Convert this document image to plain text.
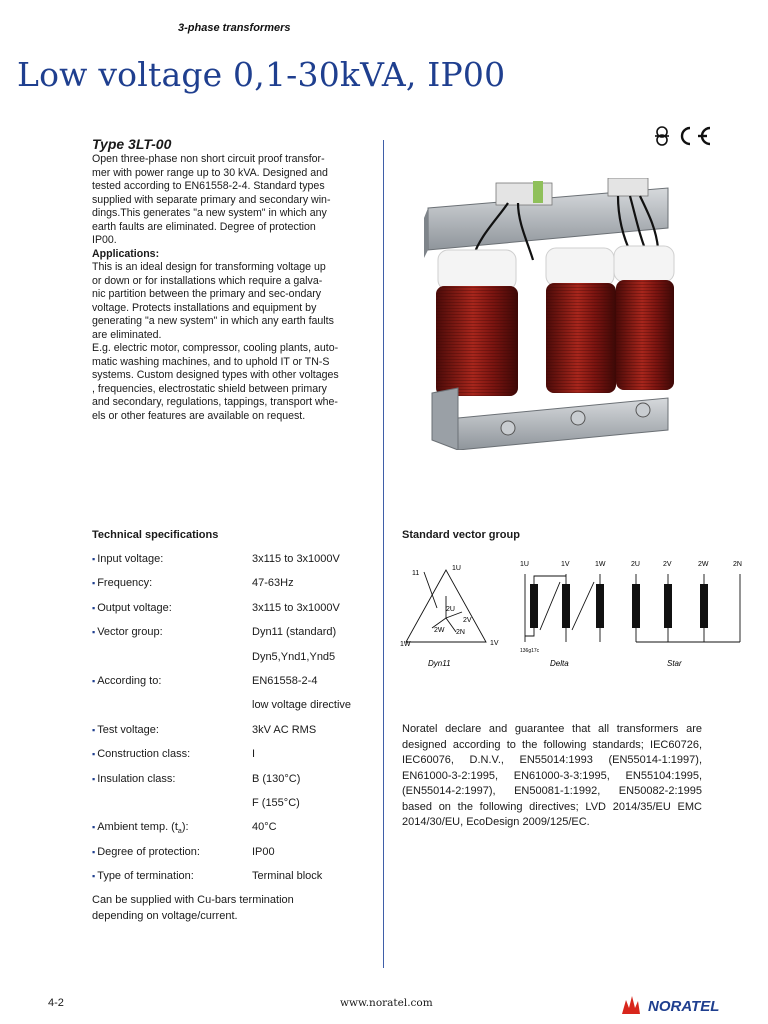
3-phase transformers
Low voltage 0,1-30kVA, IP00
Type 3LT-00

Open three-phase non short circuit proof transfor-

mer with power range up to 30 kVA. Designed and

tested according to EN61558-2-4. Standard types

supplied with separate primary and secondary win-

dings.This generates "a new system" in which any

earth faults are eliminated. Degree of protection

IP00.

Applications:

This is an ideal design for transforming voltage up

or down or for installations which require a galva-

nic partition between the primary and sec-ondary

voltage. Protects installations and equipment by

generating "a new system" in which any earth faults

are eliminated.

E.g. electric motor, compressor, cooling plants, auto-

matic washing machines, and to uphold IT or TN-S

systems. Custom designed types with other voltages

, frequencies, electrostatic shield between primary

and secondary, regulations, tappings, transport whe-

els or other features are available on request.

Technical specifications
▪ Input voltage:	3x115 to 3x1000V
▪ Frequency:	47-63Hz
▪ Output voltage:	3x115 to 3x1000V
▪ Vector group:	Dyn11 (standard)
Dyn5,Ynd1,Ynd5
▪ According to:	EN61558-2-4
low voltage directive
▪ Test voltage:	3kV AC RMS
▪ Construction class:	I
▪ Insulation class:	B (130°C)
F (155°C)
▪ Ambient temp. $(t_a)$:	40°C
▪ Degree of protection:	IP00
▪ Type of termination:	Terminal block
Can be supplied with Cu-bars termination depending on voltage/current.
Standard vector group
11
1U
1W	1V
2U
2V
2W 2N
1U	1V	1W	2U	2V	2W	2N
136g17c
Dyn11	Delta	Star
Noratel declare and guarantee that all transformers are designed according to the following standards; IEC60726, IEC60076, D.N.V., EN55014:1993 (EN55014-1:1997), EN61000-3-2:1995, EN61000-3-3:1995, EN55104:1995, (EN55014-2:1997), EN50081-1:1992, EN50082-2:1995 based on the following directives; LVD 2014/35/EU EMC 2014/30/EU, EcoDesign 2009/125/EC.
4-2	www.noratel.com	NORATEL
